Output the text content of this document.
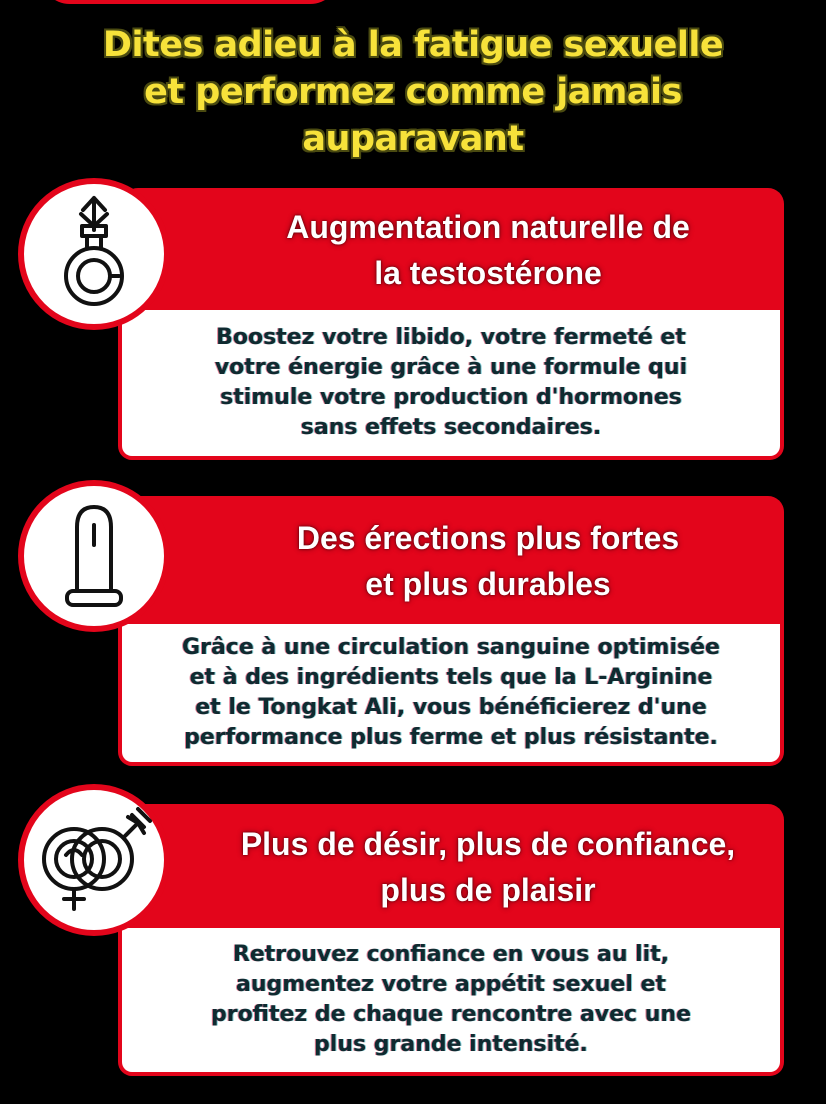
Dites adieu à la fatigue sexuelle
et performez comme jamais
auparavant

Augmentation naturelle de
la testostérone

Boostez votre libido, votre fermeté et
votre énergie grâce à une formule qui
stimule votre production d'hormones
sans effets secondaires.

Des érections plus fortes
et plus durables

Grâce à une circulation sanguine optimisée
et à des ingrédients tels que la L-Arginine
et le Tongkat Ali, vous bénéficierez d'une
performance plus ferme et plus résistante.

Plus de désir, plus de confiance,
plus de plaisir

Retrouvez confiance en vous au lit,
augmentez votre appétit sexuel et
profitez de chaque rencontre avec une
plus grande intensité.
